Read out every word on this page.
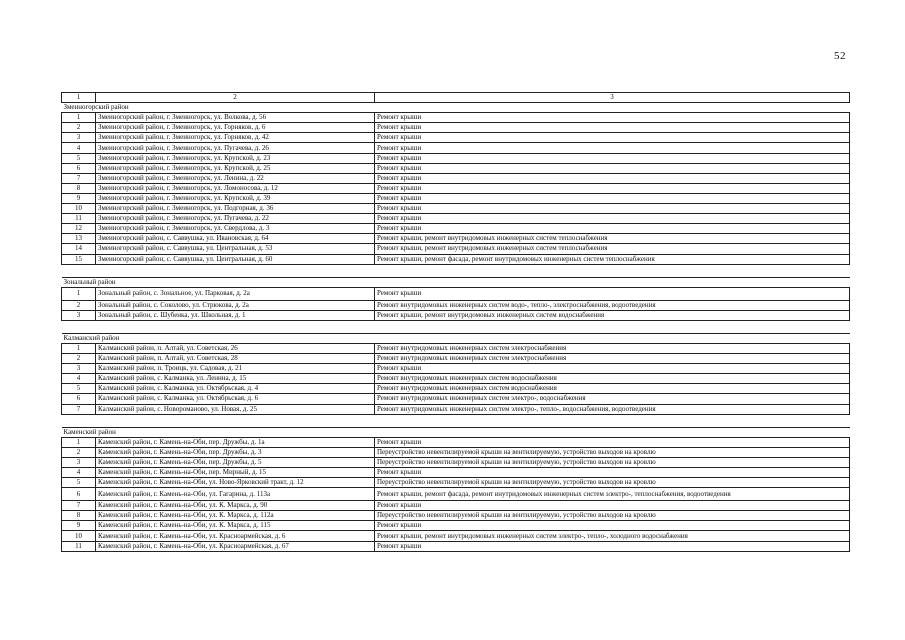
52
1	2	3
Змеиногорский район		
1	Змеиногорский район, г. Змеиногорск, ул. Волкова, д. 56	Ремонт крыши
2	Змеиногорский район, г. Змеиногорск, ул. Горняков, д. 6	Ремонт крыши
3	Змеиногорский район, г. Змеиногорск, ул. Горняков, д. 42	Ремонт крыши
4	Змеиногорский район, г. Змеиногорск, ул. Пугачева, д. 26	Ремонт крыши
5	Змеиногорский район, г. Змеиногорск, ул. Крупской, д. 23	Ремонт крыши
6	Змеиногорский район, г. Змеиногорск, ул. Крупской, д. 25	Ремонт крыши
7	Змеиногорский район, г. Змеиногорск, ул. Ленина, д. 22	Ремонт крыши
8	Змеиногорский район, г. Змеиногорск, ул. Ломоносова, д. 12	Ремонт крыши
9	Змеиногорский район, г. Змеиногорск, ул. Крупской, д. 39	Ремонт крыши
10	Змеиногорский район, г. Змеиногорск, ул. Подгорная, д. 36	Ремонт крыши
11	Змеиногорский район, г. Змеиногорск, ул. Пугачева, д. 22	Ремонт крыши
12	Змеиногорский район, г. Змеиногорск, ул. Свердлова, д. 3	Ремонт крыши
13	Змеиногорский район, с. Саввушка, ул. Ивановская, д. 64	Ремонт крыши, ремонт внутридомовых инженерных систем теплоснабжения
14	Змеиногорский район, с. Саввушка, ул. Центральная, д. 53	Ремонт крыши, ремонт внутридомовых инженерных систем теплоснабжения
15	Змеиногорский район, с. Саввушка, ул. Центральная, д. 60	Ремонт крыши, ремонт фасада, ремонт внутридомовых инженерных систем теплоснабжения

Зональный район		
1	Зональный район, с. Зональное, ул. Парковая, д. 2а	Ремонт крыши
2	Зональный район, с. Соколово, ул. Стрюкова, д. 2а	Ремонт внутридомовых инженерных систем водо-, тепло-, электроснабжения, водоотведения
3	Зональный район, с. Шубенка, ул. Школьная, д. 1	Ремонт крыши, ремонт внутридомовых инженерных систем водоснабжения

Калманский район		
1	Калманский район, п. Алтай, ул. Советская, 26	Ремонт внутридомовых инженерных систем электроснабжения
2	Калманский район, п. Алтай, ул. Советская, 28	Ремонт внутридомовых инженерных систем электроснабжения
3	Калманский район, п. Троицк, ул. Садовая, д. 21	Ремонт крыши
4	Калманский район, с. Калманка, ул. Ленина, д. 15	Ремонт внутридомовых инженерных систем водоснабжения
5	Калманский район, с. Калманка, ул. Октябрьская, д. 4	Ремонт внутридомовых инженерных систем водоснабжения
6	Калманский район, с. Калманка, ул. Октябрьская, д. 6	Ремонт внутридомовых инженерных систем электро-, водоснабжения
7	Калманский район, с. Новороманово, ул. Новая, д. 25	Ремонт внутридомовых инженерных систем электро-, тепло-, водоснабжения, водоотведения

Каменский район		
1	Каменский район, г. Камень-на-Оби, пер. Дружбы, д. 1а	Ремонт крыши
2	Каменский район, г. Камень-на-Оби, пер. Дружбы, д. 3	Переустройство невентилируемой крыши на вентилируемую, устройство выходов на кровлю
3	Каменский район, г. Камень-на-Оби, пер. Дружбы, д. 5	Переустройство невентилируемой крыши на вентилируемую, устройство выходов на кровлю
4	Каменский район, г. Камень-на-Оби, пер. Мирный, д. 15	Ремонт крыши
5	Каменский район, г. Камень-на-Оби, ул. Ново-Ярковский тракт, д. 12	Переустройство невентилируемой крыши на вентилируемую, устройство выходов на кровлю
6	Каменский район, г. Камень-на-Оби, ул. Гагарина, д. 113а	Ремонт крыши, ремонт фасада, ремонт внутридомовых инженерных систем электро-, теплоснабжения, водоотведения
7	Каменский район, г. Камень-на-Оби, ул. К. Маркса, д. 90	Ремонт крыши
8	Каменский район, г. Камень-на-Оби, ул. К. Маркса, д. 112а	Переустройство невентилируемой крыши на вентилируемую, устройство выходов на кровлю
9	Каменский район, г. Камень-на-Оби, ул. К. Маркса, д. 115	Ремонт крыши
10	Каменский район, г. Камень-на-Оби, ул. Красноармейская, д. 6	Ремонт крыши, ремонт внутридомовых инженерных систем электро-, тепло-, холодного водоснабжения
11	Каменский район, г. Камень-на-Оби, ул. Красноармейская, д. 67	Ремонт крыши
